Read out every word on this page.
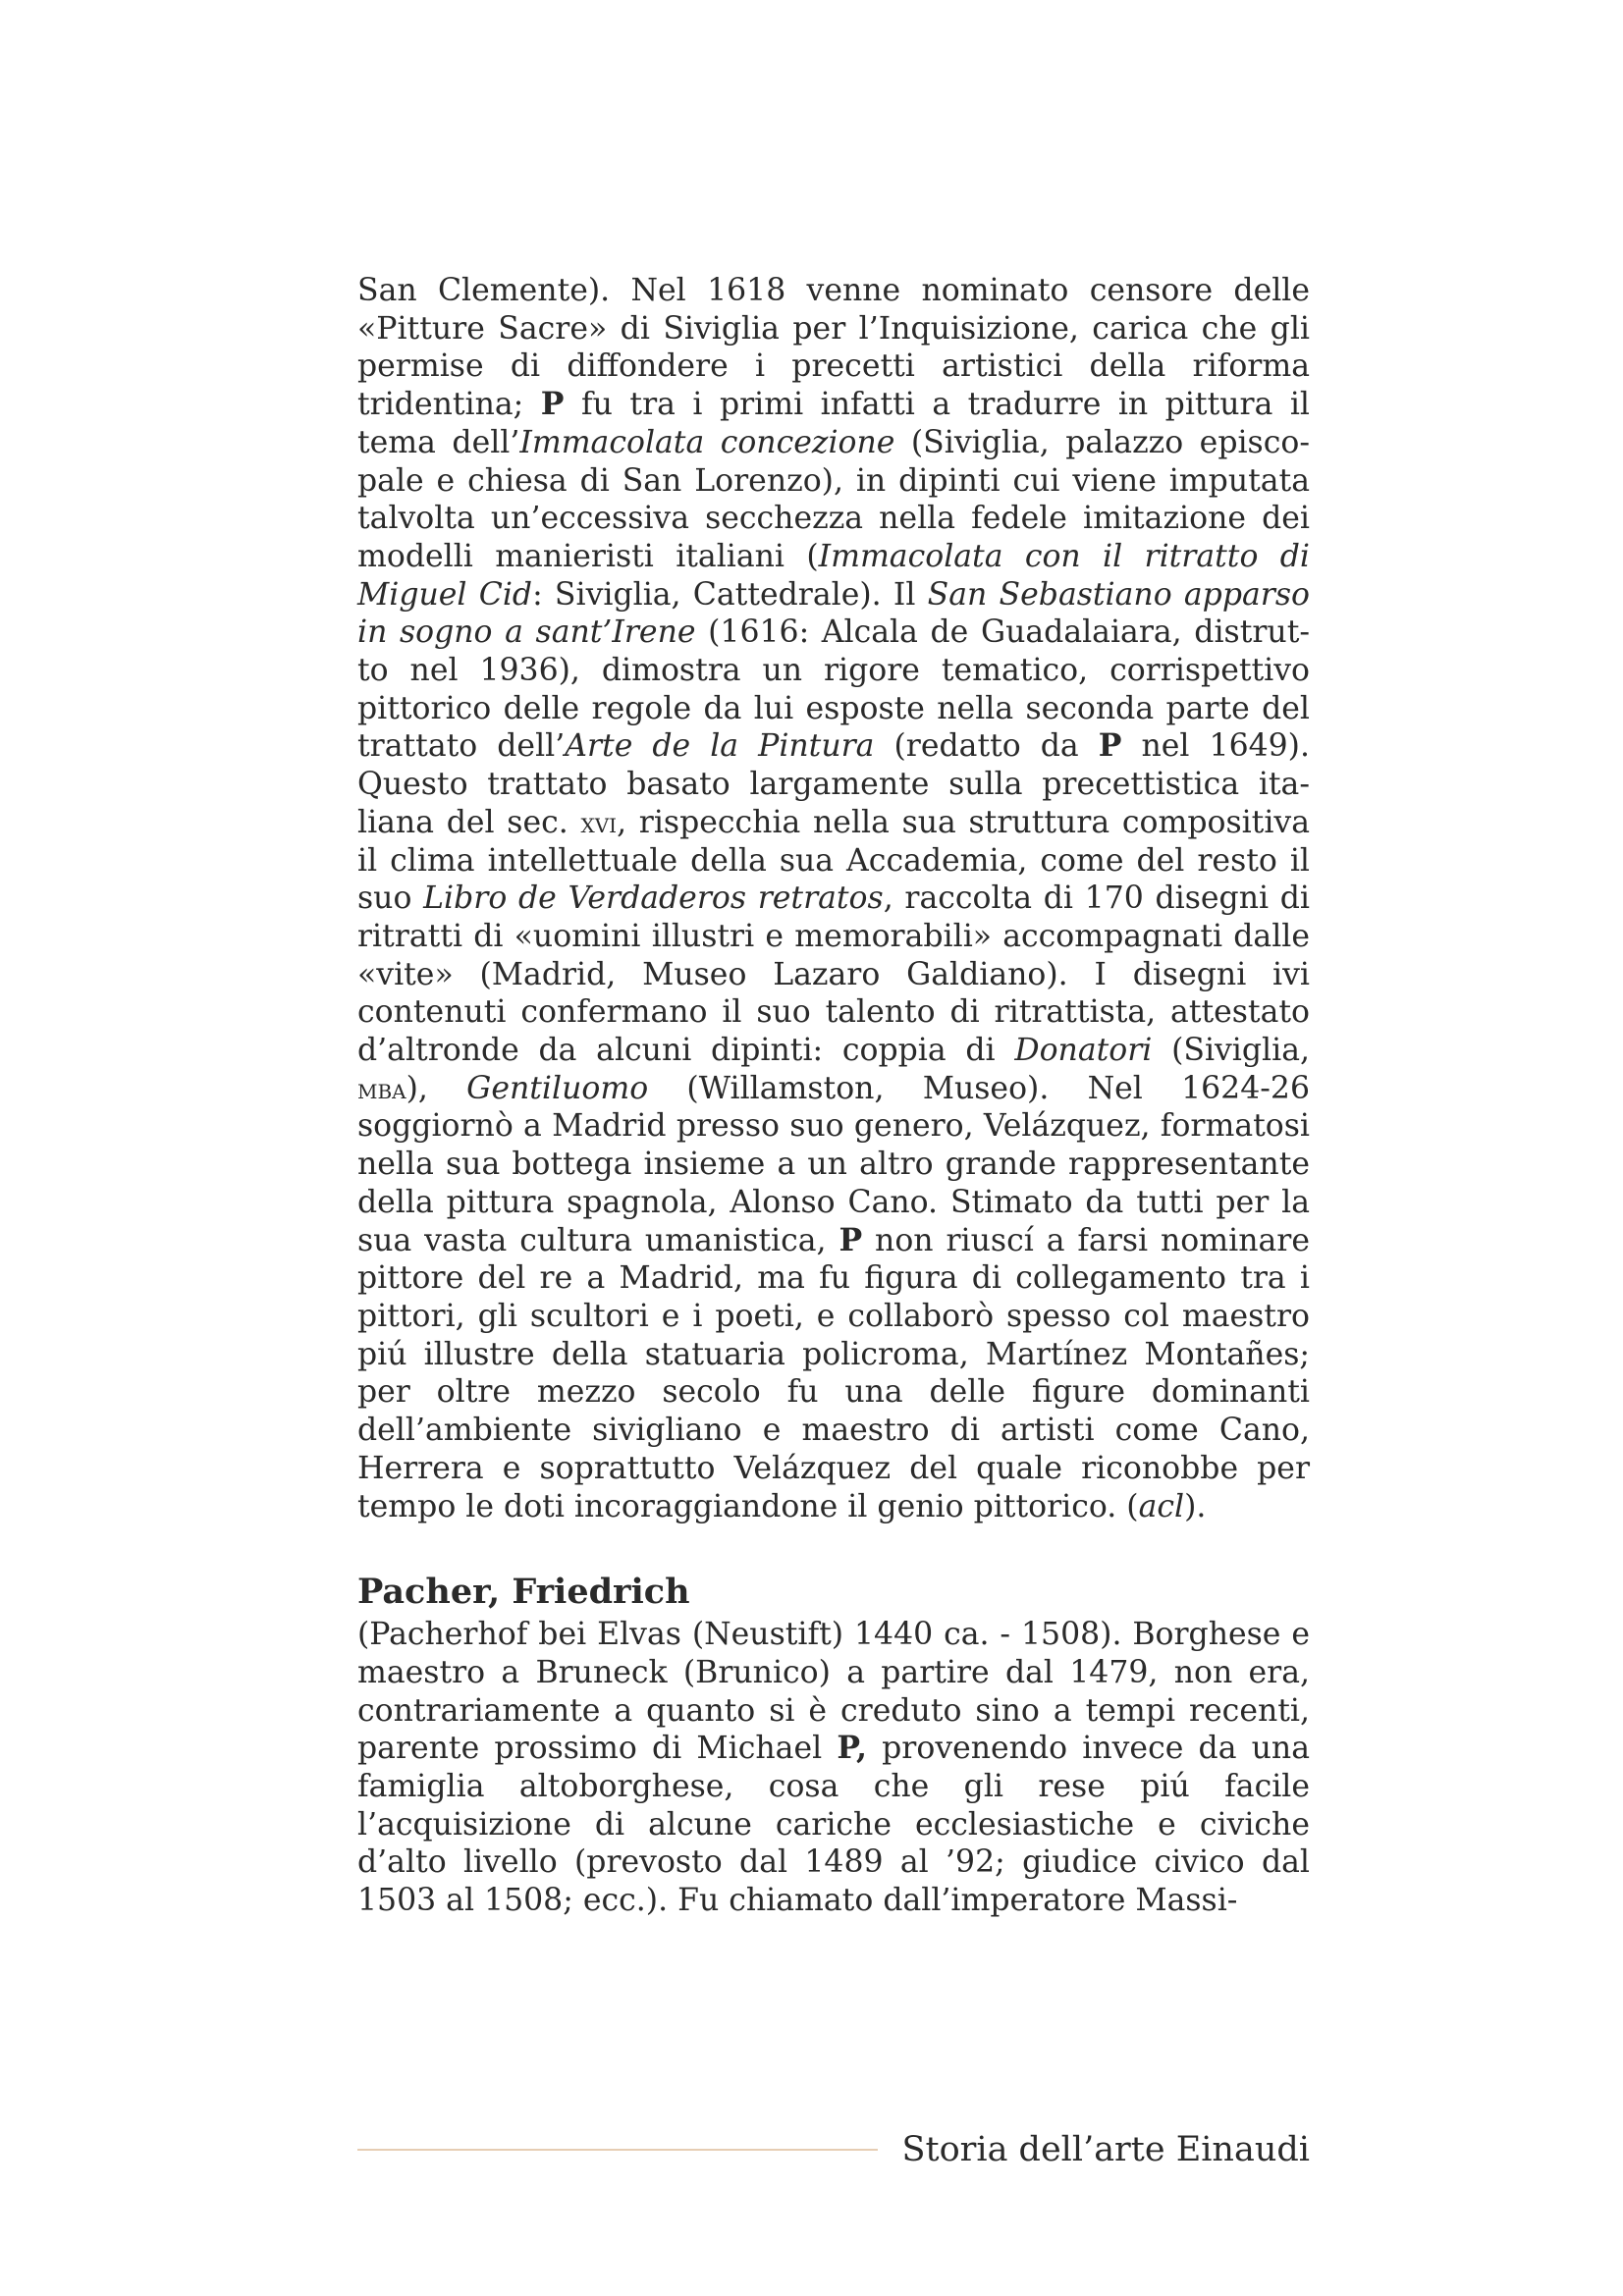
San Clemente). Nel 1618 venne nominato censore delle «Pitture Sacre» di Siviglia per l’Inquisizione, carica che gli permise di diffondere i precetti artistici della riforma tridentina; P fu tra i primi infatti a tradurre in pittura il tema dell’Immacolata concezione (Siviglia, palazzo episcopale e chiesa di San Lorenzo), in dipinti cui viene imputata talvolta un’eccessiva secchezza nella fedele imitazione dei modelli manieristi italiani (Immacolata con il ritratto di Miguel Cid: Siviglia, Cattedrale). Il San Sebastiano apparso in sogno a sant’Irene (1616: Alcala de Guadalaiara, distrutto nel 1936), dimostra un rigore tematico, corrispettivo pittorico delle regole da lui esposte nella seconda parte del trattato dell’Arte de la Pintura (redatto da P nel 1649). Questo trattato basato largamente sulla precettistica italiana del sec. xvi, rispecchia nella sua struttura compositiva il clima intellettuale della sua Accademia, come del resto il suo Libro de Verdaderos retratos, raccolta di 170 disegni di ritratti di «uomini illustri e memorabili» accompagnati dalle «vite» (Madrid, Museo Lazaro Galdiano). I disegni ivi contenuti confermano il suo talento di ritrattista, attestato d’altronde da alcuni dipinti: coppia di Donatori (Siviglia, mba), Gentiluomo (Willamston, Museo). Nel 1624-26 soggiornò a Madrid presso suo genero, Velázquez, formatosi nella sua bottega insieme a un altro grande rappresentante della pittura spagnola, Alonso Cano. Stimato da tutti per la sua vasta cultura umanistica, P non riuscí a farsi nominare pittore del re a Madrid, ma fu figura di collegamento tra i pittori, gli scultori e i poeti, e collaborò spesso col maestro piú illustre della statuaria policroma, Martínez Montañes; per oltre mezzo secolo fu una delle figure dominanti dell’ambiente sivigliano e maestro di artisti come Cano, Herrera e soprattutto Velázquez del quale riconobbe per tempo le doti incoraggiandone il genio pittorico. (acl).

Pacher, Friedrich

(Pacherhof bei Elvas (Neustift) 1440 ca. - 1508). Borghese e maestro a Bruneck (Brunico) a partire dal 1479, non era, contrariamente a quanto si è creduto sino a tempi recenti, parente prossimo di Michael P, provenendo invece da una famiglia altoborghese, cosa che gli rese piú facile l’acquisizione di alcune cariche ecclesiastiche e civiche d’alto livello (prevosto dal 1489 al ’92; giudice civico dal 1503 al 1508; ecc.). Fu chiamato dall’imperatore Massi-

Storia dell’arte Einaudi
